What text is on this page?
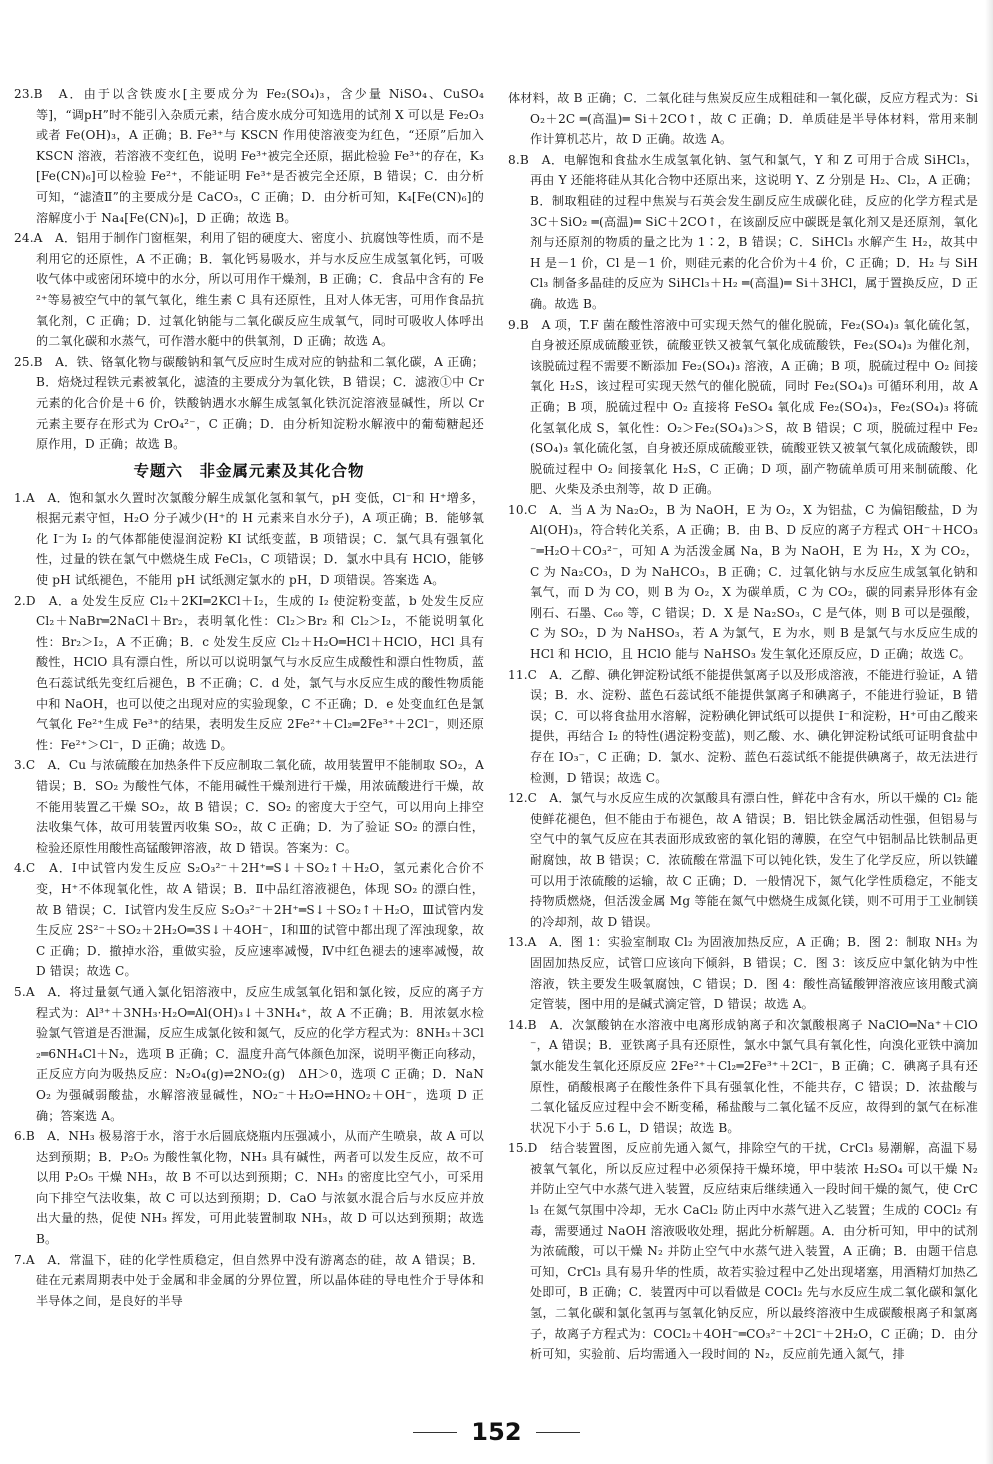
23.B　A．由于以含铁废水[主要成分为 Fe₂(SO₄)₃，含少量 NiSO₄、CuSO₄ 等]，“调pH”时不能引入杂质元素，结合废水成分可知选用的试剂 X 可以是 Fe₂O₃ 或者 Fe(OH)₃，A 正确；B. Fe³⁺与 KSCN 作用使溶液变为红色，“还原”后加入 KSCN 溶液，若溶液不变红色，说明 Fe³⁺被完全还原，据此检验 Fe³⁺的存在，K₃[Fe(CN)₆]可以检验 Fe²⁺，不能证明 Fe³⁺是否被完全还原，B 错误；C．由分析可知，“滤渣Ⅱ”的主要成分是 CaCO₃，C 正确；D．由分析可知，K₄[Fe(CN)₆]的溶解度小于 Na₄[Fe(CN)₆]，D 正确；故选 B。

24.A　A．铝用于制作门窗框架，利用了铝的硬度大、密度小、抗腐蚀等性质，而不是利用它的还原性，A 不正确；B．氧化钙易吸水，并与水反应生成氢氧化钙，可吸收气体中或密闭环境中的水分，所以可用作干燥剂，B 正确；C．食品中含有的 Fe²⁺等易被空气中的氧气氧化，维生素 C 具有还原性，且对人体无害，可用作食品抗氧化剂，C 正确；D．过氧化钠能与二氧化碳反应生成氧气，同时可吸收人体呼出的二氧化碳和水蒸气，可作潜水艇中的供氧剂，D 正确；故选 A。

25.B　A．铁、铬氧化物与碳酸钠和氧气反应时生成对应的钠盐和二氧化碳，A 正确；B．焙烧过程铁元素被氧化，滤渣的主要成分为氧化铁，B 错误；C．滤液①中 Cr 元素的化合价是＋6 价，铁酸钠遇水水解生成氢氧化铁沉淀溶液显碱性，所以 Cr 元素主要存在形式为 CrO₄²⁻，C 正确；D．由分析知淀粉水解液中的葡萄糖起还原作用，D 正确；故选 B。

专题六　非金属元素及其化合物

1.A　A．饱和氯水久置时次氯酸分解生成氯化氢和氧气，pH 变低，Cl⁻和 H⁺增多，根据元素守恒，H₂O 分子减少(H⁺的 H 元素来自水分子)，A 项正确；B．能够氧化 I⁻为 I₂ 的气体都能使湿润淀粉 KI 试纸变蓝，B 项错误；C．氯气具有强氧化性，过量的铁在氯气中燃烧生成 FeCl₃，C 项错误；D．氯水中具有 HClO，能够使 pH 试纸褪色，不能用 pH 试纸测定氯水的 pH，D 项错误。答案选 A。

2.D　A．a 处发生反应 Cl₂＋2KI═2KCl＋I₂，生成的 I₂ 使淀粉变蓝，b 处发生反应 Cl₂＋NaBr═2NaCl＋Br₂，表明氧化性：Cl₂＞Br₂ 和 Cl₂＞I₂，不能说明氧化性：Br₂＞I₂，A 不正确；B．c 处发生反应 Cl₂＋H₂O═HCl＋HClO，HCl 具有酸性，HClO 具有漂白性，所以可以说明氯气与水反应生成酸性和漂白性物质，蓝色石蕊试纸先变红后褪色，B 不正确；C．d 处，氯气与水反应生成的酸性物质能中和 NaOH，也可以使之出现对应的实验现象，C 不正确；D．e 处变血红色是氯气氧化 Fe²⁺生成 Fe³⁺的结果，表明发生反应 2Fe²⁺＋Cl₂═2Fe³⁺＋2Cl⁻，则还原性：Fe²⁺＞Cl⁻，D 正确；故选 D。

3.C　A．Cu 与浓硫酸在加热条件下反应制取二氧化硫，故用装置甲不能制取 SO₂，A 错误；B．SO₂ 为酸性气体，不能用碱性干燥剂进行干燥，用浓硫酸进行干燥，故不能用装置乙干燥 SO₂，故 B 错误；C．SO₂ 的密度大于空气，可以用向上排空法收集气体，故可用装置丙收集 SO₂，故 C 正确；D．为了验证 SO₂ 的漂白性，检验还原性用酸性高锰酸钾溶液，故 D 错误。答案为：C。

4.C　A．Ⅰ中试管内发生反应 S₂O₃²⁻＋2H⁺═S↓＋SO₂↑＋H₂O，氢元素化合价不变，H⁺不体现氧化性，故 A 错误；B．Ⅱ中品红溶液褪色，体现 SO₂ 的漂白性，故 B 错误；C．Ⅰ试管内发生反应 S₂O₃²⁻＋2H⁺═S↓＋SO₂↑＋H₂O，Ⅲ试管内发生反应 2S²⁻＋SO₂＋2H₂O═3S↓＋4OH⁻，Ⅰ和Ⅲ的试管中都出现了浑浊现象，故 C 正确；D．撤掉水浴，重做实验，反应速率减慢，Ⅳ中红色褪去的速率减慢，故 D 错误；故选 C。

5.A　A．将过量氨气通入氯化铝溶液中，反应生成氢氧化铝和氯化铵，反应的离子方程式为：Al³⁺＋3NH₃·H₂O═Al(OH)₃↓＋3NH₄⁺，故 A 不正确；B．用浓氨水检验氯气管道是否泄漏，反应生成氯化铵和氮气，反应的化学方程式为：8NH₃＋3Cl₂═6NH₄Cl＋N₂，选项 B 正确；C．温度升高气体颜色加深，说明平衡正向移动，正反应方向为吸热反应：N₂O₄(g)⇌2NO₂(g)　ΔH＞0，选项 C 正确；D．NaNO₂ 为强碱弱酸盐，水解溶液显碱性，NO₂⁻＋H₂O⇌HNO₂＋OH⁻，选项 D 正确；答案选 A。

6.B　A．NH₃ 极易溶于水，溶于水后圆底烧瓶内压强减小，从而产生喷泉，故 A 可以达到预期；B．P₂O₅ 为酸性氧化物，NH₃ 具有碱性，两者可以发生反应，故不可以用 P₂O₅ 干燥 NH₃，故 B 不可以达到预期；C．NH₃ 的密度比空气小，可采用向下排空气法收集，故 C 可以达到预期；D．CaO 与浓氨水混合后与水反应并放出大量的热，促使 NH₃ 挥发，可用此装置制取 NH₃，故 D 可以达到预期；故选 B。

7.A　A．常温下，硅的化学性质稳定，但自然界中没有游离态的硅，故 A 错误；B．硅在元素周期表中处于金属和非金属的分界位置，所以晶体硅的导电性介于导体和半导体之间，是良好的半导

体材料，故 B 正确；C．二氧化硅与焦炭反应生成粗硅和一氧化碳，反应方程式为：SiO₂＋2C ═(高温)═ Si＋2CO↑，故 C 正确；D．单质硅是半导体材料，常用来制作计算机芯片，故 D 正确。故选 A。

8.B　A．电解饱和食盐水生成氢氧化钠、氢气和氯气，Y 和 Z 可用于合成 SiHCl₃，再由 Y 还能将硅从其化合物中还原出来，这说明 Y、Z 分别是 H₂、Cl₂，A 正确；B．制取粗硅的过程中焦炭与石英会发生副反应生成碳化硅，反应的化学方程式是 3C＋SiO₂ ═(高温)═ SiC＋2CO↑，在该副反应中碳既是氧化剂又是还原剂，氧化剂与还原剂的物质的量之比为 1∶2，B 错误；C．SiHCl₃ 水解产生 H₂，故其中 H 是－1 价，Cl 是－1 价，则硅元素的化合价为＋4 价，C 正确；D．H₂ 与 SiHCl₃ 制备多晶硅的反应为 SiHCl₃＋H₂ ═(高温)═ Si＋3HCl，属于置换反应，D 正确。故选 B。

9.B　A 项，T.F 菌在酸性溶液中可实现天然气的催化脱硫，Fe₂(SO₄)₃ 氧化硫化氢，自身被还原成硫酸亚铁，硫酸亚铁又被氧气氧化成硫酸铁，Fe₂(SO₄)₃ 为催化剂，该脱硫过程不需要不断添加 Fe₂(SO₄)₃ 溶液，A 正确；B 项，脱硫过程中 O₂ 间接氧化 H₂S，该过程可实现天然气的催化脱硫，同时 Fe₂(SO₄)₃ 可循环利用，故 A 正确；B 项，脱硫过程中 O₂ 直接将 FeSO₄ 氧化成 Fe₂(SO₄)₃，Fe₂(SO₄)₃ 将硫化氢氧化成 S，氧化性：O₂＞Fe₂(SO₄)₃＞S，故 B 错误；C 项，脱硫过程中 Fe₂(SO₄)₃ 氧化硫化氢，自身被还原成硫酸亚铁，硫酸亚铁又被氧气氧化成硫酸铁，即脱硫过程中 O₂ 间接氧化 H₂S，C 正确；D 项，副产物硫单质可用来制硫酸、化肥、火柴及杀虫剂等，故 D 正确。

10.C　A．当 A 为 Na₂O₂，B 为 NaOH，E 为 O₂，X 为铝盐，C 为偏铝酸盐，D 为 Al(OH)₃，符合转化关系，A 正确；B．由 B、D 反应的离子方程式 OH⁻＋HCO₃⁻═H₂O＋CO₃²⁻，可知 A 为活泼金属 Na，B 为 NaOH，E 为 H₂，X 为 CO₂，C 为 Na₂CO₃，D 为 NaHCO₃，B 正确；C．过氧化钠与水反应生成氢氧化钠和氧气，而 D 为 CO，则 B 为 O₂，X 为碳单质，C 为 CO₂，碳的同素异形体有金刚石、石墨、C₆₀ 等，C 错误；D．X 是 Na₂SO₃，C 是气体，则 B 可以是强酸，C 为 SO₂，D 为 NaHSO₃，若 A 为氯气，E 为水，则 B 是氯气与水反应生成的 HCl 和 HClO，且 HClO 能与 NaHSO₃ 发生氧化还原反应，D 正确；故选 C。

11.C　A．乙醇、碘化钾淀粉试纸不能提供氯离子以及形成溶液，不能进行验证，A 错误；B．水、淀粉、蓝色石蕊试纸不能提供氯离子和碘离子，不能进行验证，B 错误；C．可以将食盐用水溶解，淀粉碘化钾试纸可以提供 I⁻和淀粉，H⁺可由乙酸来提供，再结合 I₂ 的特性(遇淀粉变蓝)，则乙酸、水、碘化钾淀粉试纸可证明食盐中存在 IO₃⁻，C 正确；D．氯水、淀粉、蓝色石蕊试纸不能提供碘离子，故无法进行检测，D 错误；故选 C。

12.C　A．氯气与水反应生成的次氯酸具有漂白性，鲜花中含有水，所以干燥的 Cl₂ 能使鲜花褪色，但不能由于布褪色，故 A 错误；B．铝比铁金属活动性强，但铝易与空气中的氧气反应在其表面形成致密的氧化铝的薄膜，在空气中铝制品比铁制品更耐腐蚀，故 B 错误；C．浓硫酸在常温下可以钝化铁，发生了化学反应，所以铁罐可以用于浓硫酸的运输，故 C 正确；D．一般情况下，氮气化学性质稳定，不能支持物质燃烧，但活泼金属 Mg 等能在氮气中燃烧生成氮化镁，则不可用于工业制镁的冷却剂，故 D 错误。

13.A　A．图 1：实验室制取 Cl₂ 为固液加热反应，A 正确；B．图 2：制取 NH₃ 为固固加热反应，试管口应该向下倾斜，B 错误；C．图 3：该反应中氯化钠为中性溶液，铁主要发生吸氧腐蚀，C 错误；D．图 4：酸性高锰酸钾溶液应该用酸式滴定管装，图中用的是碱式滴定管，D 错误；故选 A。

14.B　A．次氯酸钠在水溶液中电离形成钠离子和次氯酸根离子 NaClO═Na⁺＋ClO⁻，A 错误；B．亚铁离子具有还原性，氯水中氯气具有氧化性，向溴化亚铁中滴加氯水能发生氧化还原反应 2Fe²⁺＋Cl₂═2Fe³⁺＋2Cl⁻，B 正确；C．碘离子具有还原性，硝酸根离子在酸性条件下具有强氧化性，不能共存，C 错误；D．浓盐酸与二氧化锰反应过程中会不断变稀，稀盐酸与二氧化锰不反应，故得到的氯气在标准状况下小于 5.6 L，D 错误；故选 B。

15.D　结合装置图，反应前先通入氮气，排除空气的干扰，CrCl₃ 易潮解，高温下易被氧气氧化，所以反应过程中必须保持干燥环境，甲中装浓 H₂SO₄ 可以干燥 N₂ 并防止空气中水蒸气进入装置，反应结束后继续通入一段时间干燥的氮气，使 CrCl₃ 在氮气氛围中冷却，无水 CaCl₂ 防止丙中水蒸气进入乙装置；生成的 COCl₂ 有毒，需要通过 NaOH 溶液吸收处理，据此分析解题。A．由分析可知，甲中的试剂为浓硫酸，可以干燥 N₂ 并防止空气中水蒸气进入装置，A 正确；B．由题干信息可知，CrCl₃ 具有易升华的性质，故若实验过程中乙处出现堵塞，用酒精灯加热乙处即可，B 正确；C．装置丙中可以看做是 COCl₂ 先与水反应生成二氧化碳和氯化氢，二氧化碳和氯化氢再与氢氧化钠反应，所以最终溶液中生成碳酸根离子和氯离子，故离子方程式为：COCl₂＋4OH⁻═CO₃²⁻＋2Cl⁻＋2H₂O，C 正确；D．由分析可知，实验前、后均需通入一段时间的 N₂，反应前先通入氮气，排

152
